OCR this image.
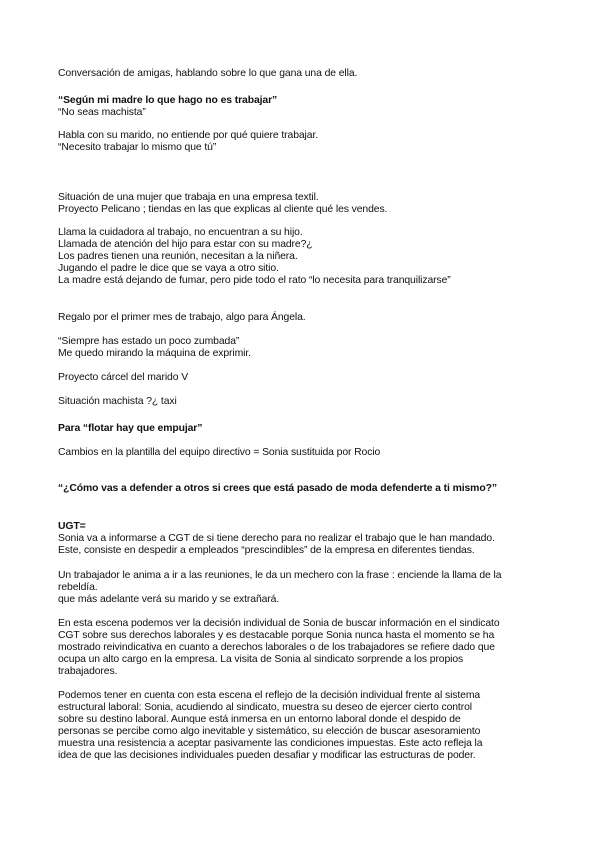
Conversación de amigas, hablando sobre lo que gana una de ella.

“Según mi madre lo que hago no es trabajar”

“No seas machista”

Habla con su marido, no entiende por qué quiere trabajar.

“Necesito trabajar lo mismo que tú”

Situación de una mujer que trabaja en una empresa textil.

Proyecto Pelicano ; tiendas en las que explicas al cliente qué les vendes.

Llama la cuidadora al trabajo, no encuentran a su hijo.

Llamada de atención del hijo para estar con su madre?¿

Los padres tienen una reunión, necesitan a la niñera.

Jugando el padre le dice que se vaya a otro sitio.

La madre está dejando de fumar, pero pide todo el rato “lo necesita para tranquilizarse”

Regalo por el primer mes de trabajo, algo para Ángela.

“Siempre has estado un poco zumbada”

Me quedo mirando la máquina de exprimir.

Proyecto cárcel del marido V

Situación machista ?¿ taxi

Para “flotar hay que empujar”

Cambios en la plantilla del equipo directivo = Sonia sustituida por Rocio

“¿Cómo vas a defender a otros si crees que está pasado de moda defenderte a ti mismo?”

UGT=

Sonia va a informarse a CGT de si tiene derecho para no realizar el trabajo que le han mandado.

Este, consiste en despedir a empleados “prescindibles” de la empresa en diferentes tiendas.

Un trabajador le anima a ir a las reuniones, le da un mechero con la frase : enciende la llama de la

rebeldía.

que más adelante verá su marido y se extrañará.

En esta escena podemos ver la decisión individual de Sonia de buscar información en el sindicato

CGT sobre sus derechos laborales y es destacable porque Sonia nunca hasta el momento se ha

mostrado reivindicativa en cuanto a derechos laborales o de los trabajadores se refiere dado que

ocupa un alto cargo en la empresa. La visita de Sonia al sindicato sorprende a los propios

trabajadores.

Podemos tener en cuenta con esta escena el reflejo de la decisión individual frente al sistema

estructural laboral: Sonia, acudiendo al sindicato, muestra su deseo de ejercer cierto control

sobre su destino laboral. Aunque está inmersa en un entorno laboral donde el despido de

personas se percibe como algo inevitable y sistemático, su elección de buscar asesoramiento

muestra una resistencia a aceptar pasivamente las condiciones impuestas. Este acto refleja la

idea de que las decisiones individuales pueden desafiar y modificar las estructuras de poder.
